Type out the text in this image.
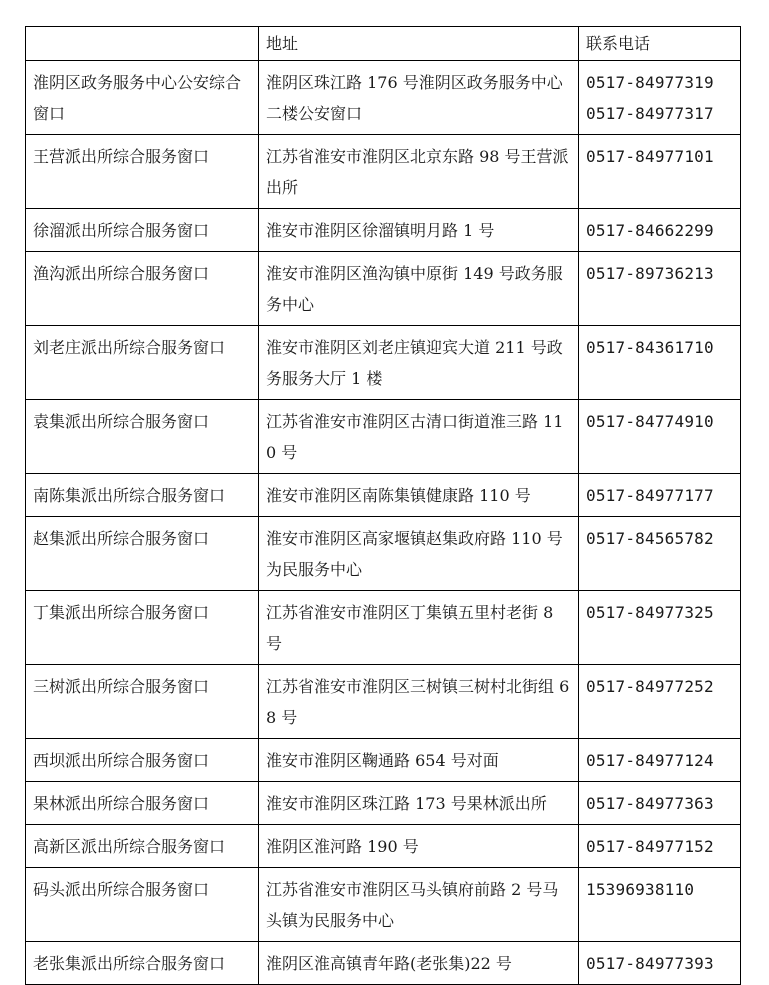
	地址	联系电话
淮阴区政务服务中心公安综合窗口	淮阴区珠江路 176 号淮阴区政务服务中心二楼公安窗口	0517-84977319
0517-84977317

王营派出所综合服务窗口	江苏省淮安市淮阴区北京东路 98 号王营派出所	0517-84977101

徐溜派出所综合服务窗口	淮安市淮阴区徐溜镇明月路 1 号	0517-84662299

渔沟派出所综合服务窗口	淮安市淮阴区渔沟镇中原街 149 号政务服务中心	0517-89736213

刘老庄派出所综合服务窗口	淮安市淮阴区刘老庄镇迎宾大道 211 号政务服务大厅 1 楼	0517-84361710

袁集派出所综合服务窗口	江苏省淮安市淮阴区古清口街道淮三路 110 号	0517-84774910

南陈集派出所综合服务窗口	淮安市淮阴区南陈集镇健康路 110 号	0517-84977177

赵集派出所综合服务窗口	淮安市淮阴区高家堰镇赵集政府路 110 号为民服务中心	0517-84565782

丁集派出所综合服务窗口	江苏省淮安市淮阴区丁集镇五里村老街 8 号	0517-84977325

三树派出所综合服务窗口	江苏省淮安市淮阴区三树镇三树村北街组 68 号	0517-84977252

西坝派出所综合服务窗口	淮安市淮阴区鞠通路 654 号对面	0517-84977124

果林派出所综合服务窗口	淮安市淮阴区珠江路 173 号果林派出所	0517-84977363

高新区派出所综合服务窗口	淮阴区淮河路 190 号	0517-84977152

码头派出所综合服务窗口	江苏省淮安市淮阴区马头镇府前路 2 号马头镇为民服务中心	15396938110

老张集派出所综合服务窗口	淮阴区淮高镇青年路(老张集)22 号	0517-84977393
